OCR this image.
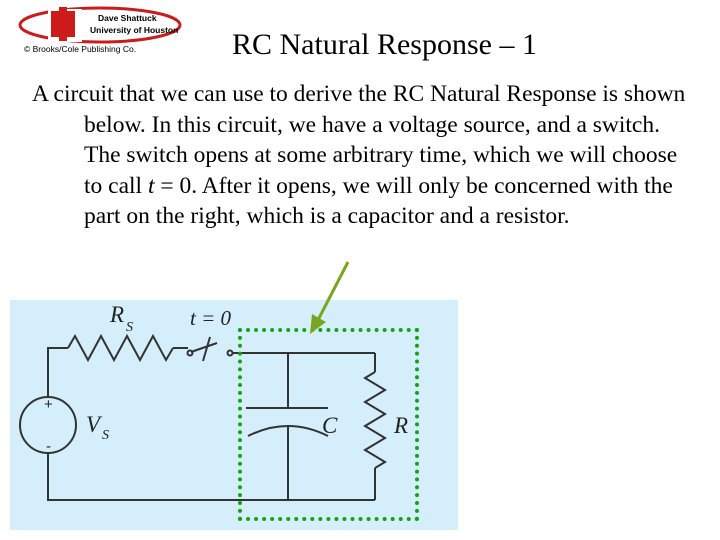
Dave Shattuck
University of Houston
© Brooks/Cole Publishing Co.	RC Natural Response – 1

A circuit that we can use to derive the RC Natural Response is shown below. In this circuit, we have a voltage source, and a switch. The switch opens at some arbitrary time, which we will choose to call t = 0. After it opens, we will only be concerned with the part on the right, which is a capacitor and a resistor.

R
S	t = 0
+
-
V S	C R
